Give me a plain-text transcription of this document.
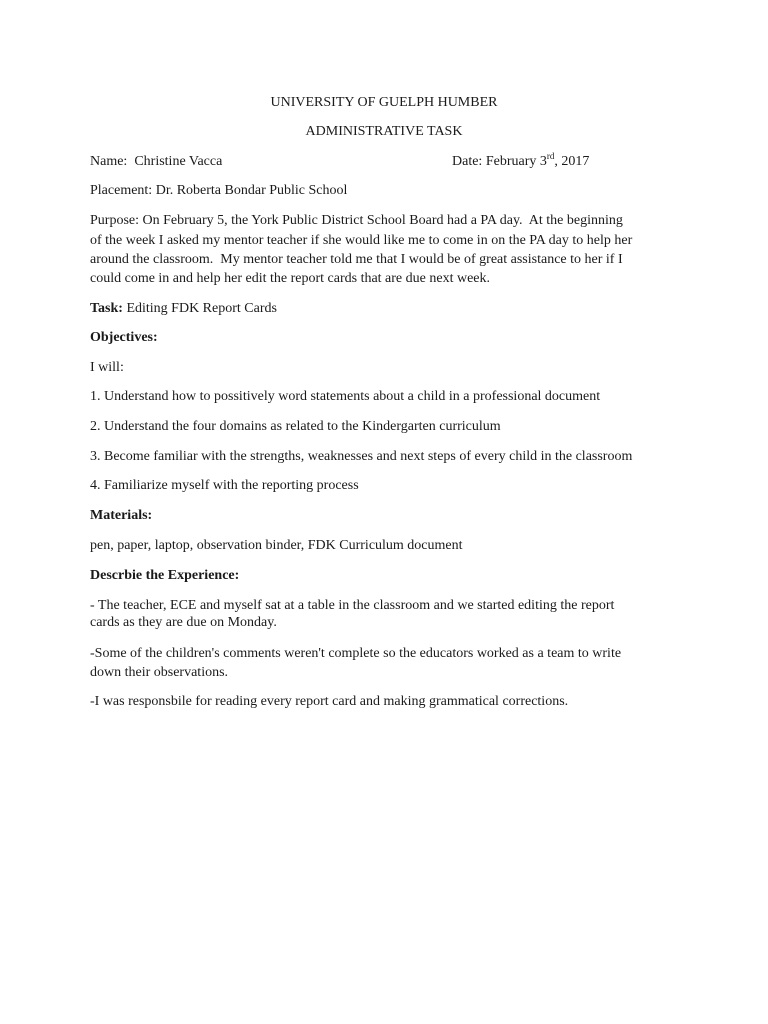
UNIVERSITY OF GUELPH HUMBER
ADMINISTRATIVE TASK
Name: Christine Vacca	Date: February 3rd, 2017
Placement: Dr. Roberta Bondar Public School
Purpose: On February 5, the York Public District School Board had a PA day.  At the beginning
of the week I asked my mentor teacher if she would like me to come in on the PA day to help her
around the classroom.  My mentor teacher told me that I would be of great assistance to her if I
could come in and help her edit the report cards that are due next week.
Task: Editing FDK Report Cards
Objectives:
I will:
1. Understand how to possitively word statements about a child in a professional document
2. Understand the four domains as related to the Kindergarten curriculum
3. Become familiar with the strengths, weaknesses and next steps of every child in the classroom
4. Familiarize myself with the reporting process
Materials:
pen, paper, laptop, observation binder, FDK Curriculum document
Descrbie the Experience:
- The teacher, ECE and myself sat at a table in the classroom and we started editing the report
cards as they are due on Monday.
-Some of the children's comments weren't complete so the educators worked as a team to write
down their observations.
-I was responsbile for reading every report card and making grammatical corrections.
